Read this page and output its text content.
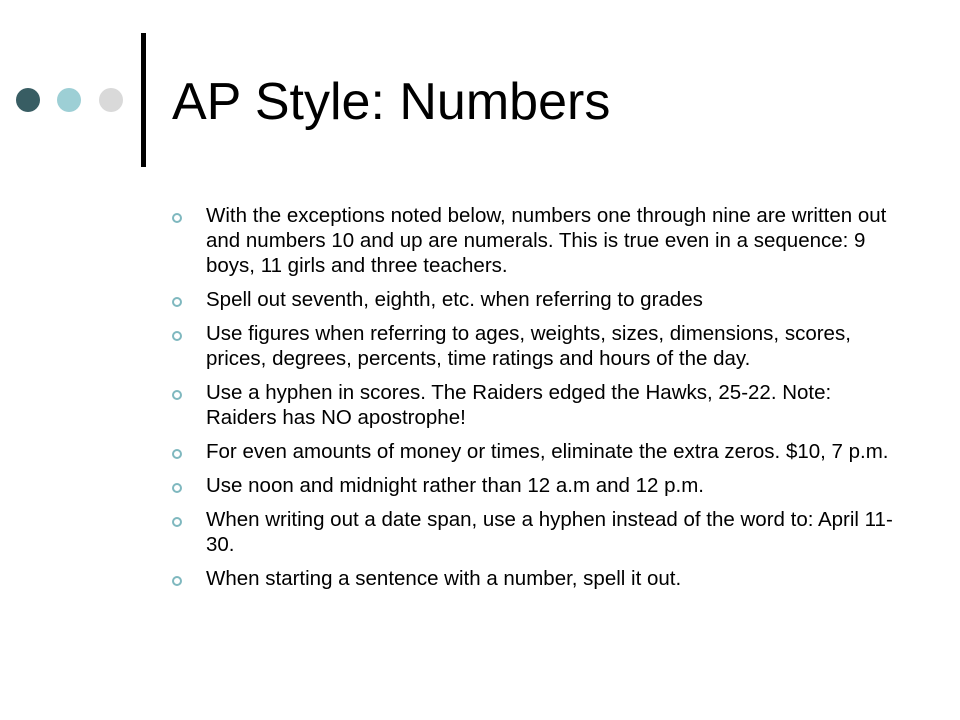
AP Style: Numbers
With the exceptions noted below, numbers one through nine are written out and numbers 10 and up are numerals. This is true even in a sequence: 9 boys, 11 girls and three teachers.
Spell out seventh, eighth, etc. when referring to grades
Use figures when referring to ages, weights, sizes, dimensions, scores, prices, degrees, percents, time ratings and hours of the day.
Use a hyphen in scores. The Raiders edged the Hawks, 25-22. Note: Raiders has NO apostrophe!
For even amounts of money or times, eliminate the extra zeros. $10, 7 p.m.
Use noon and midnight rather than 12 a.m and 12 p.m.
When writing out a date span, use a hyphen instead of the word to: April 11-30.
When starting a sentence with a number, spell it out.
